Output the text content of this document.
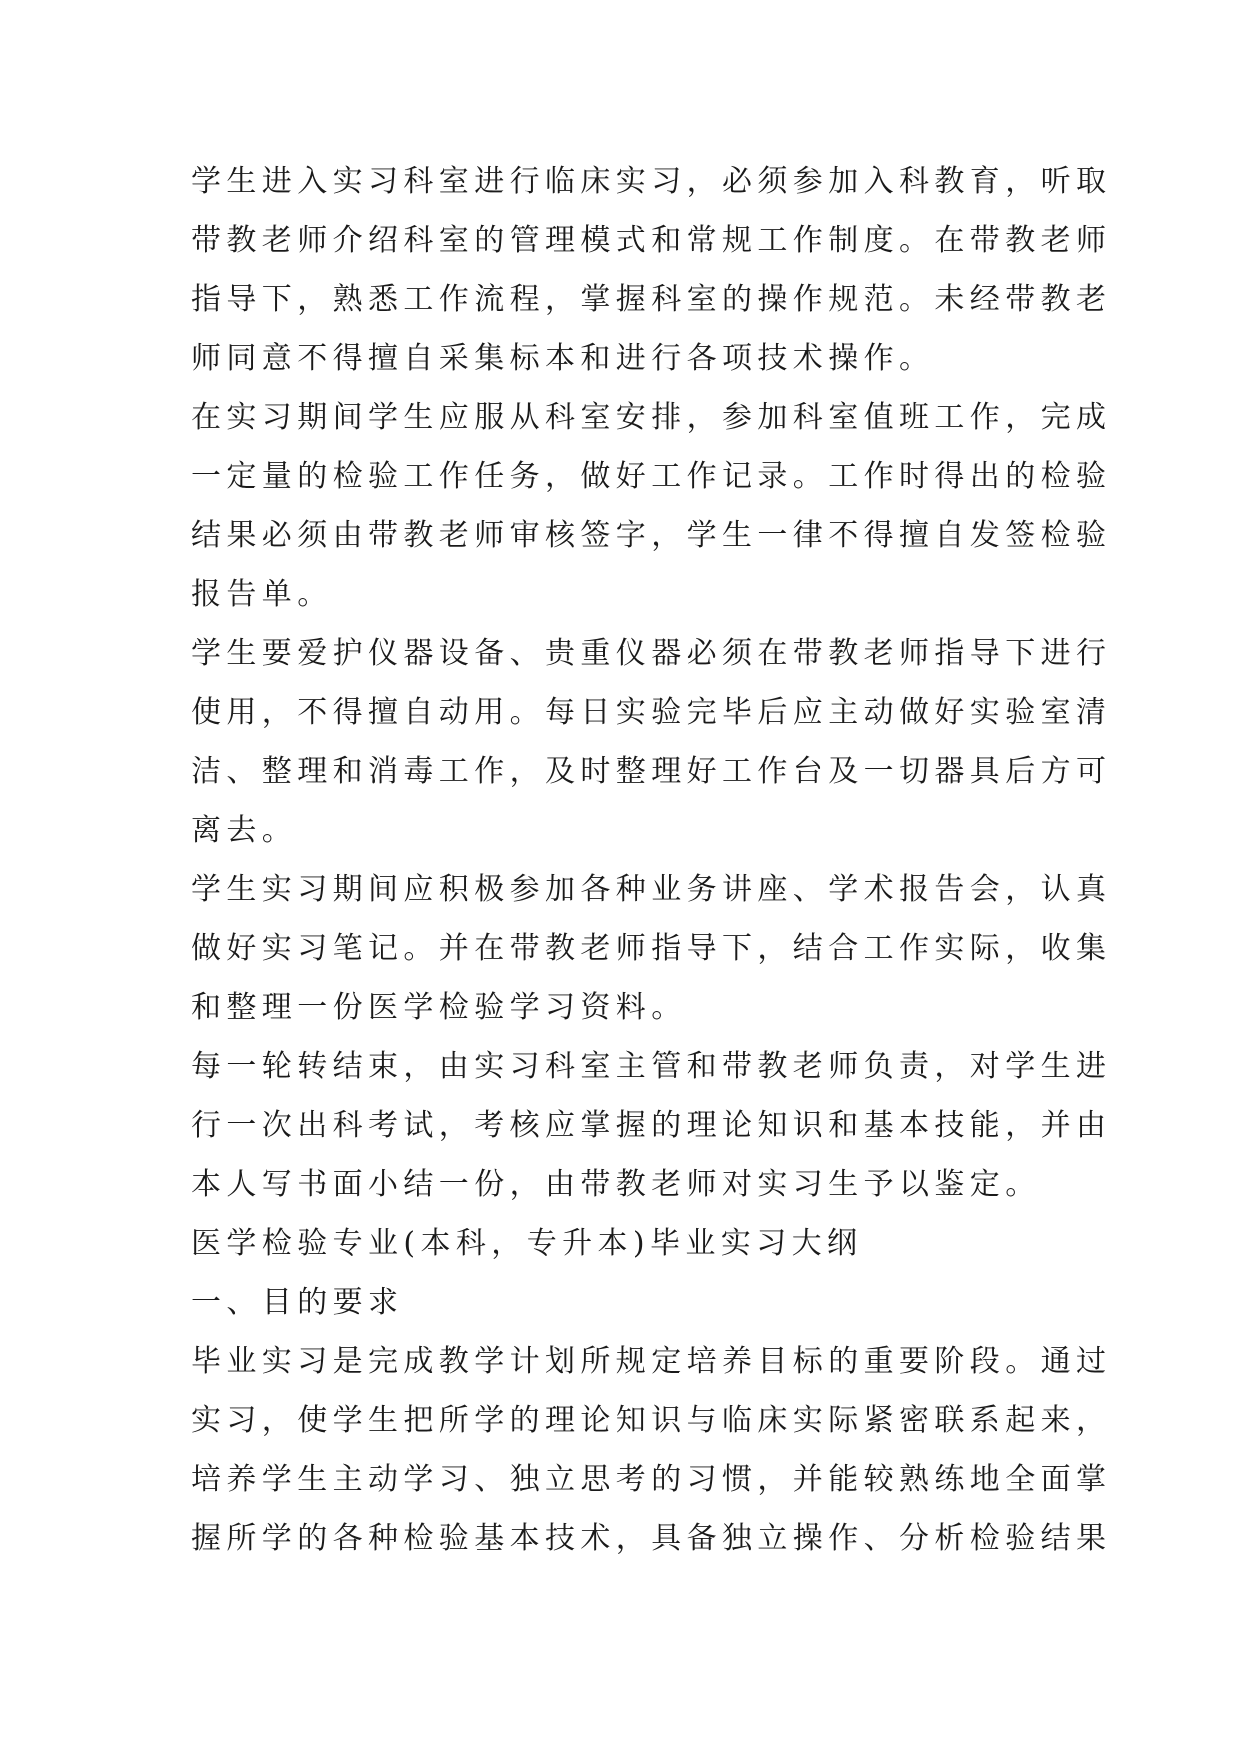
学生进入实习科室进行临床实习，必须参加入科教育，听取
带教老师介绍科室的管理模式和常规工作制度。在带教老师
指导下，熟悉工作流程，掌握科室的操作规范。未经带教老
师同意不得擅自采集标本和进行各项技术操作。
在实习期间学生应服从科室安排，参加科室值班工作，完成
一定量的检验工作任务，做好工作记录。工作时得出的检验
结果必须由带教老师审核签字，学生一律不得擅自发签检验
报告单。
学生要爱护仪器设备、贵重仪器必须在带教老师指导下进行
使用，不得擅自动用。每日实验完毕后应主动做好实验室清
洁、整理和消毒工作，及时整理好工作台及一切器具后方可
离去。
学生实习期间应积极参加各种业务讲座、学术报告会，认真
做好实习笔记。并在带教老师指导下，结合工作实际，收集
和整理一份医学检验学习资料。
每一轮转结束，由实习科室主管和带教老师负责，对学生进
行一次出科考试，考核应掌握的理论知识和基本技能，并由
本人写书面小结一份，由带教老师对实习生予以鉴定。
医学检验专业(本科，专升本)毕业实习大纲
一、目的要求
毕业实习是完成教学计划所规定培养目标的重要阶段。通过
实习，使学生把所学的理论知识与临床实际紧密联系起来，
培养学生主动学习、独立思考的习惯，并能较熟练地全面掌
握所学的各种检验基本技术，具备独立操作、分析检验结果
